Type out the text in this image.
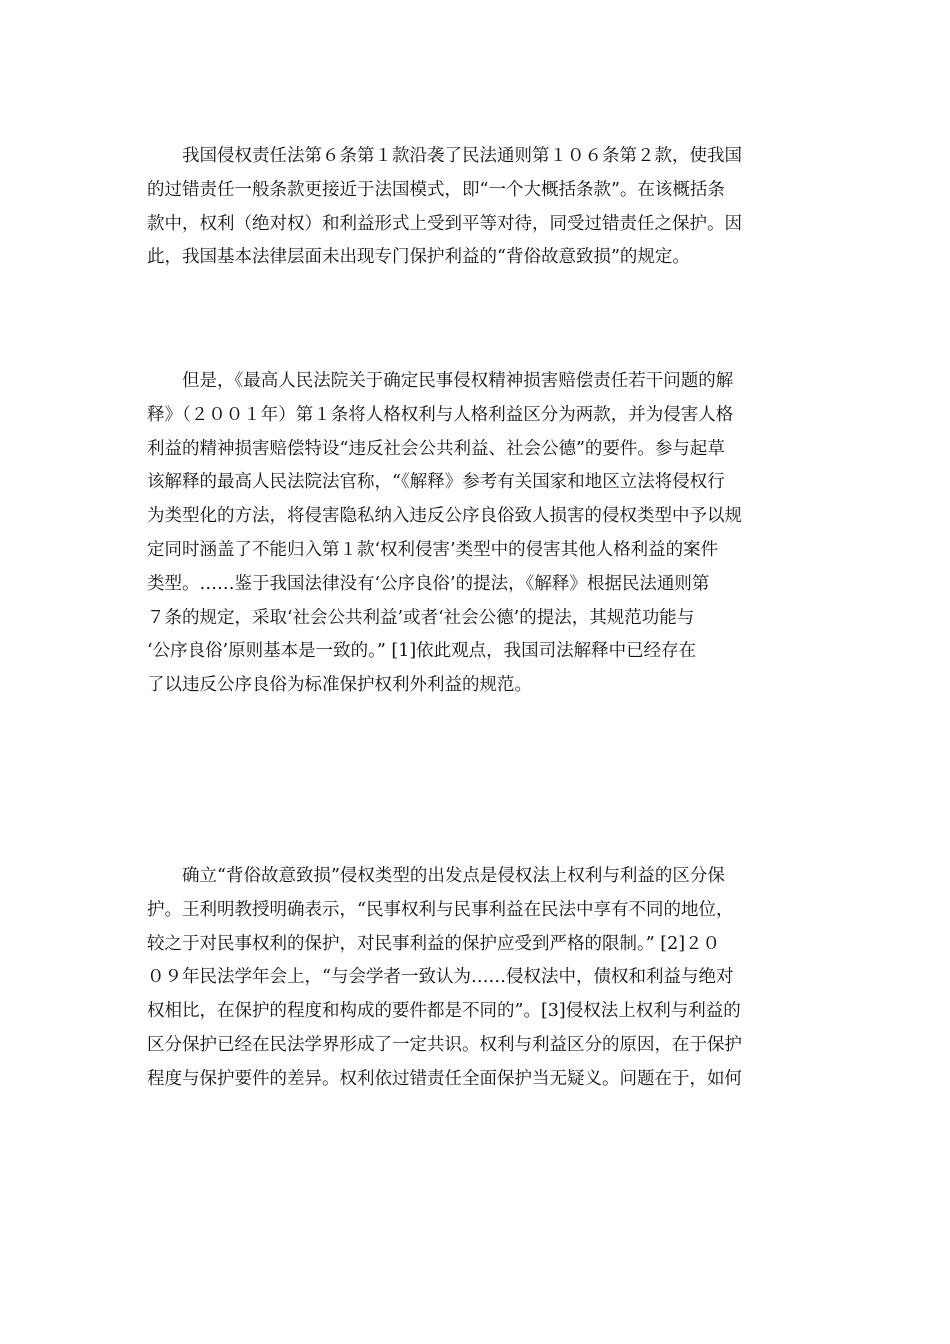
我国侵权责任法第６条第１款沿袭了民法通则第１０６条第２款，使我国
的过错责任一般条款更接近于法国模式，即“一个大概括条款”。在该概括条
款中，权利（绝对权）和利益形式上受到平等对待，同受过错责任之保护。因
此，我国基本法律层面未出现专门保护利益的“背俗故意致损”的规定。
但是，《最高人民法院关于确定民事侵权精神损害赔偿责任若干问题的解
释》（２００１年）第１条将人格权利与人格利益区分为两款，并为侵害人格
利益的精神损害赔偿特设“违反社会公共利益、社会公德”的要件。参与起草
该解释的最高人民法院法官称，“《解释》参考有关国家和地区立法将侵权行
为类型化的方法，将侵害隐私纳入违反公序良俗致人损害的侵权类型中予以规
定同时涵盖了不能归入第１款‘权利侵害’类型中的侵害其他人格利益的案件
类型。……鉴于我国法律没有‘公序良俗’的提法，《解释》根据民法通则第
７条的规定，采取‘社会公共利益’或者‘社会公德’的提法，其规范功能与
‘公序良俗’原则基本是一致的。” [1]依此观点，我国司法解释中已经存在
了以违反公序良俗为标准保护权利外利益的规范。
确立“背俗故意致损”侵权类型的出发点是侵权法上权利与利益的区分保
护。王利明教授明确表示，“民事权利与民事利益在民法中享有不同的地位，
较之于对民事权利的保护，对民事利益的保护应受到严格的限制。” [2]２０
０９年民法学年会上，“与会学者一致认为……侵权法中，债权和利益与绝对
权相比，在保护的程度和构成的要件都是不同的”。[3]侵权法上权利与利益的
区分保护已经在民法学界形成了一定共识。权利与利益区分的原因，在于保护
程度与保护要件的差异。权利依过错责任全面保护当无疑义。问题在于，如何
